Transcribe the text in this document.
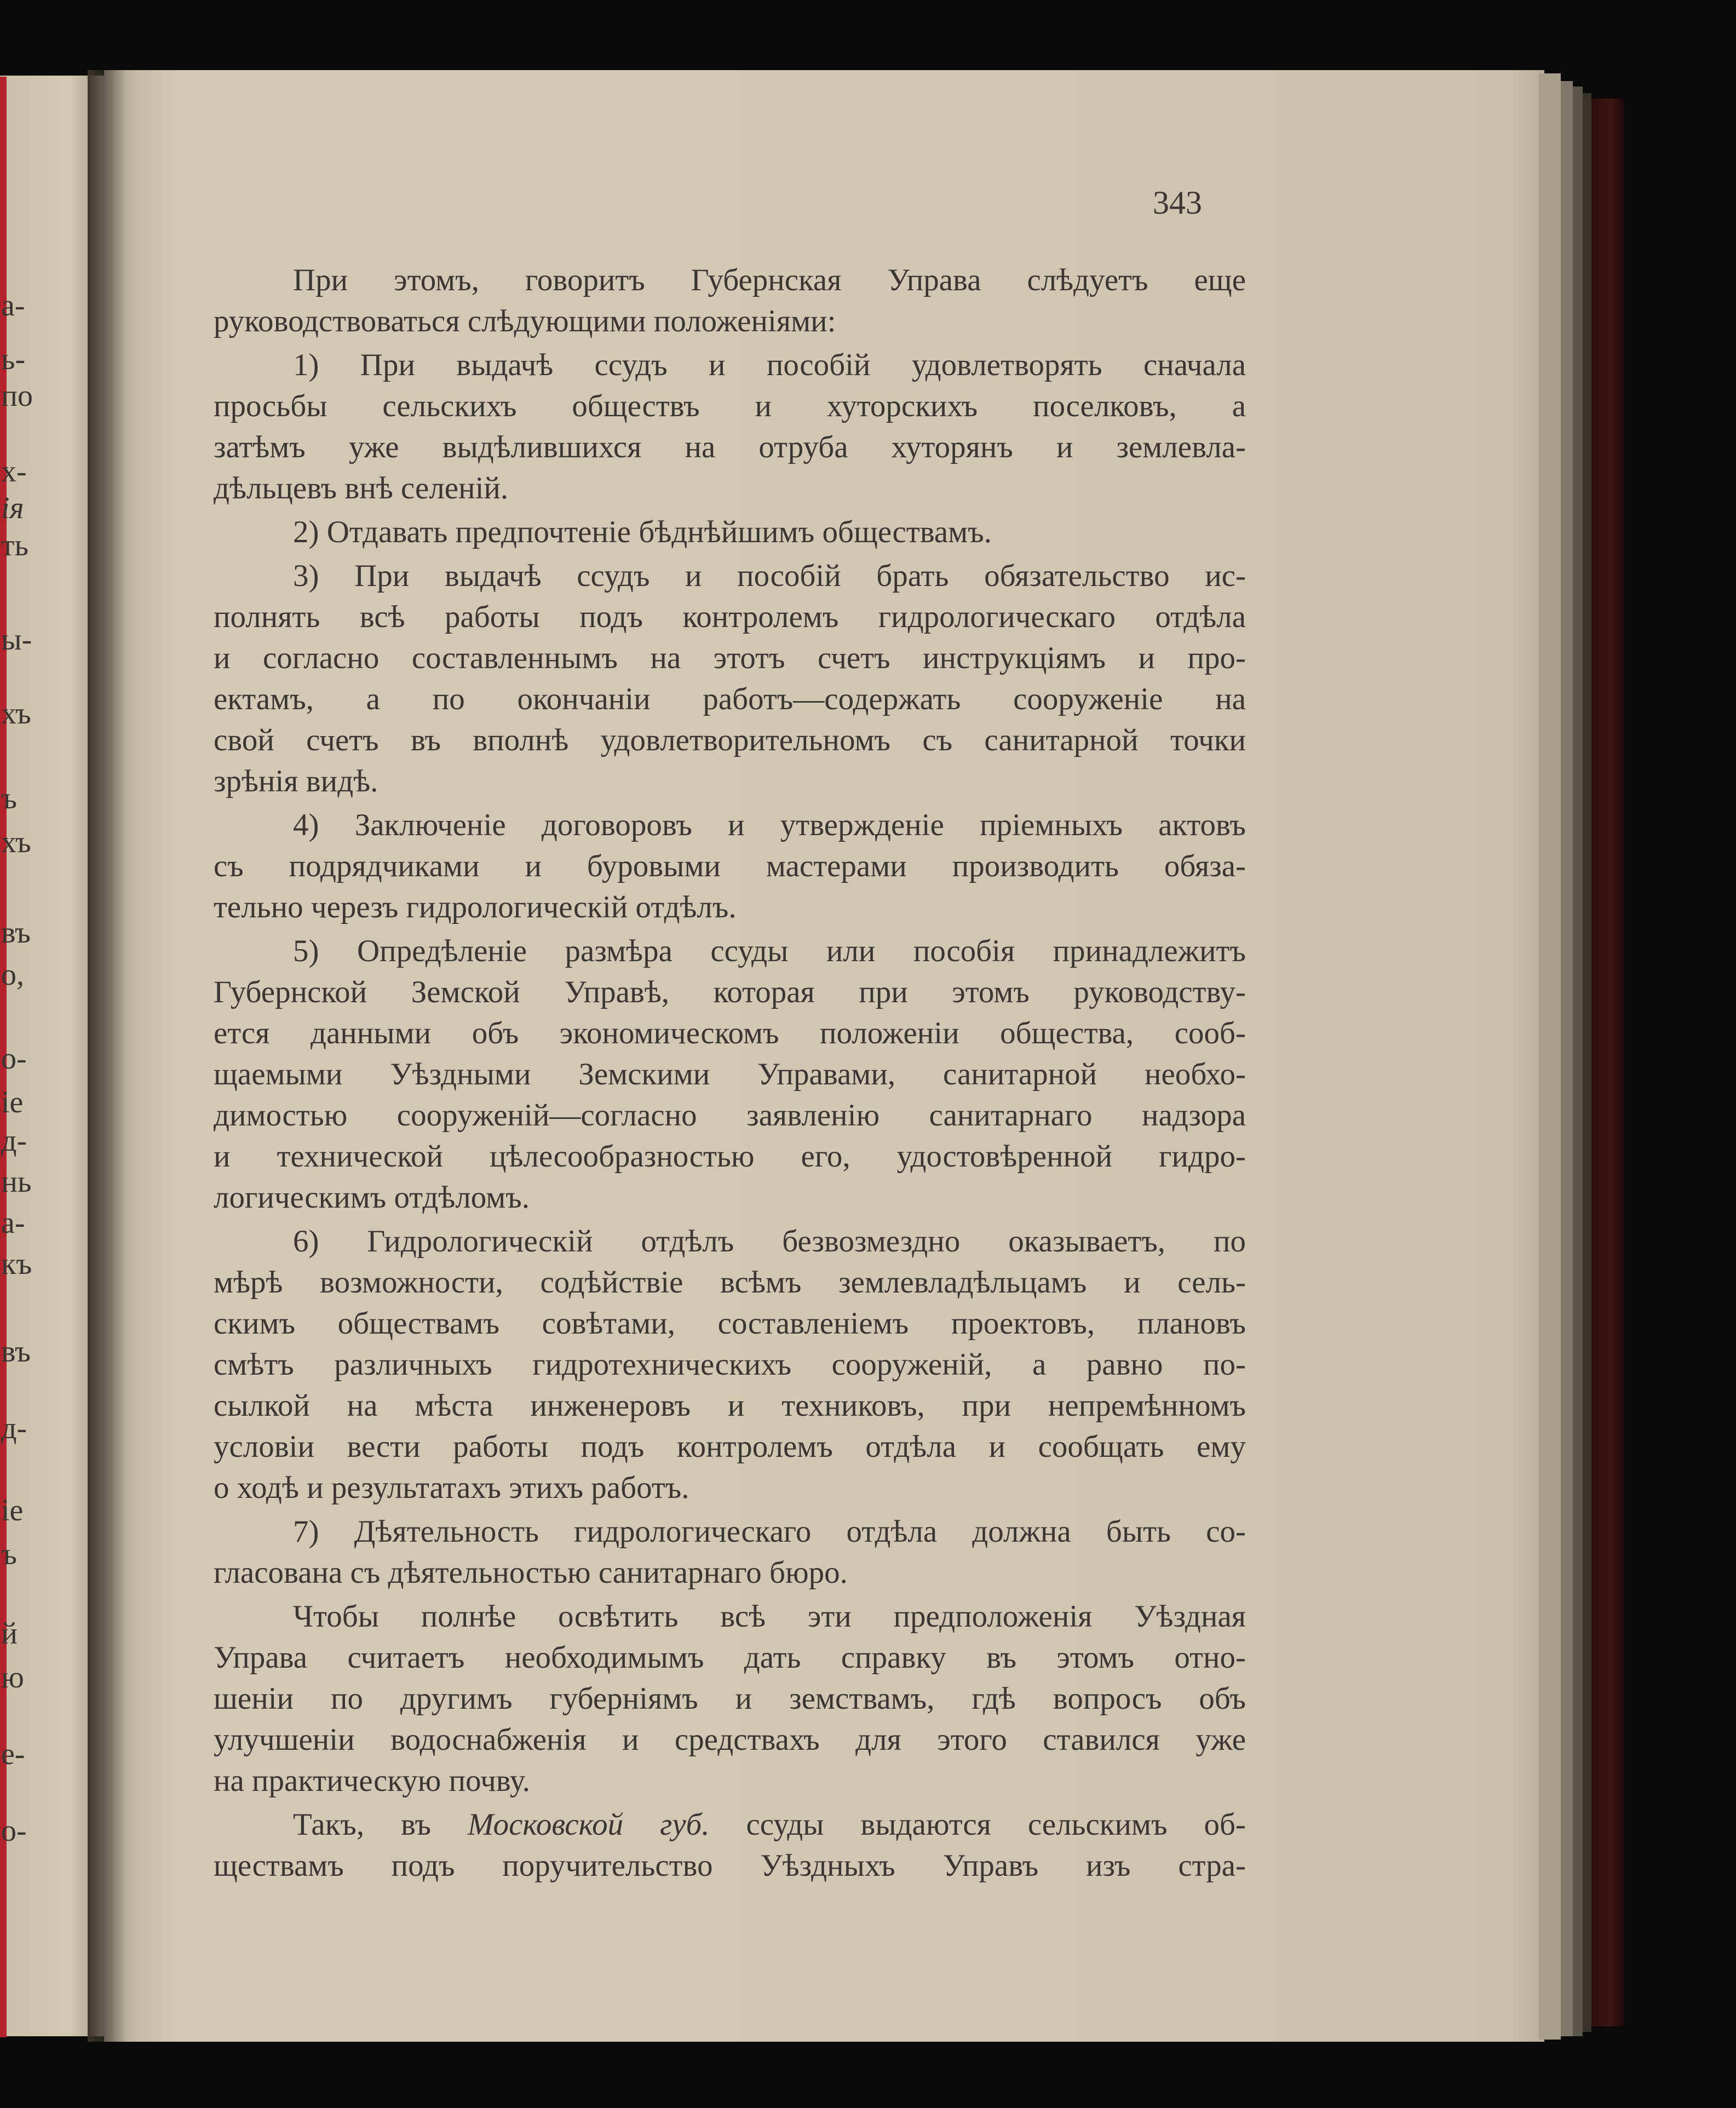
а-
ь-
по
х-
ія
ть
ы-
хъ
ъ
хъ
въ
о,
о-
іе
д-
нь
а-
къ
въ
д-
іе
ъ
й
ю
е-
о-
343
При этомъ, говоритъ Губернская Управа слѣдуетъ еще
руководствоваться слѣдующими положеніями:
1) При выдачѣ ссудъ и пособій удовлетворять сначала
просьбы сельскихъ обществъ и хуторскихъ поселковъ, а
затѣмъ уже выдѣлившихся на отруба хуторянъ и землевла-
дѣльцевъ внѣ селеній.
2) Отдавать предпочтеніе бѣднѣйшимъ обществамъ.
3) При выдачѣ ссудъ и пособій брать обязательство ис-
полнять всѣ работы подъ контролемъ гидрологическаго отдѣла
и согласно составленнымъ на этотъ счетъ инструкціямъ и про-
ектамъ, а по окончаніи работъ—содержать сооруженіе на
свой счетъ въ вполнѣ удовлетворительномъ съ санитарной точки
зрѣнія видѣ.
4) Заключеніе договоровъ и утвержденіе пріемныхъ актовъ
съ подрядчиками и буровыми мастерами производить обяза-
тельно черезъ гидрологическій отдѣлъ.
5) Опредѣленіе размѣра ссуды или пособія принадлежитъ
Губернской Земской Управѣ, которая при этомъ руководству-
ется данными объ экономическомъ положеніи общества, сооб-
щаемыми Уѣздными Земскими Управами, санитарной необхо-
димостью сооруженій—согласно заявленію санитарнаго надзора
и технической цѣлесообразностью его, удостовѣренной гидро-
логическимъ отдѣломъ.
6) Гидрологическій отдѣлъ безвозмездно оказываетъ, по
мѣрѣ возможности, содѣйствіе всѣмъ землевладѣльцамъ и сель-
скимъ обществамъ совѣтами, составленіемъ проектовъ, плановъ
смѣтъ различныхъ гидротехническихъ сооруженій, а равно по-
сылкой на мѣста инженеровъ и техниковъ, при непремѣнномъ
условіи вести работы подъ контролемъ отдѣла и сообщать ему
о ходѣ и результатахъ этихъ работъ.
7) Дѣятельность гидрологическаго отдѣла должна быть со-
гласована съ дѣятельностью санитарнаго бюро.
Чтобы полнѣе освѣтить всѣ эти предположенія Уѣздная
Управа считаетъ необходимымъ дать справку въ этомъ отно-
шеніи по другимъ губерніямъ и земствамъ, гдѣ вопросъ объ
улучшеніи водоснабженія и средствахъ для этого ставился уже
на практическую почву.
Такъ, въ Московской губ. ссуды выдаются сельскимъ об-
ществамъ подъ поручительство Уѣздныхъ Управъ изъ стра-
